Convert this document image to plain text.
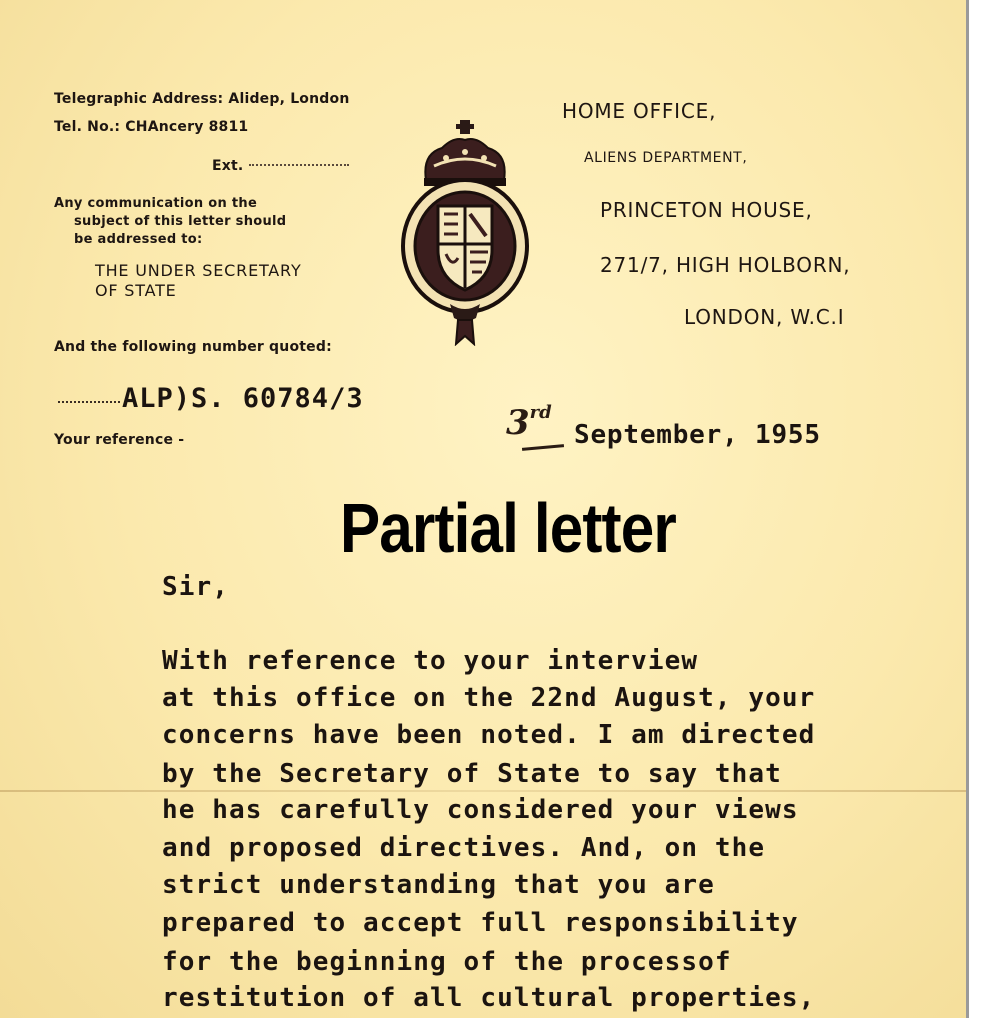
Telegraphic Address: Alidep, London
Tel. No.: CHAncery 8811
Ext.
Any communication on the
subject of this letter should
be addressed to:
THE UNDER SECRETARY
OF STATE
And the following number quoted:
ALP)S. 60784/3
Your reference -
HOME OFFICE,
ALIENS DEPARTMENT,
PRINCETON HOUSE,
271/7, HIGH HOLBORN,
LONDON, W.C.I
3rd
September, 1955
Partial letter
Sir,
With reference to your interview
at this office on the 22nd August, your
concerns have been noted. I am directed
by the Secretary of State to say that
he has carefully considered your views
and proposed directives. And, on the
strict understanding that you are
prepared to accept full responsibility
for the beginning of the processof
restitution of all cultural properties,
